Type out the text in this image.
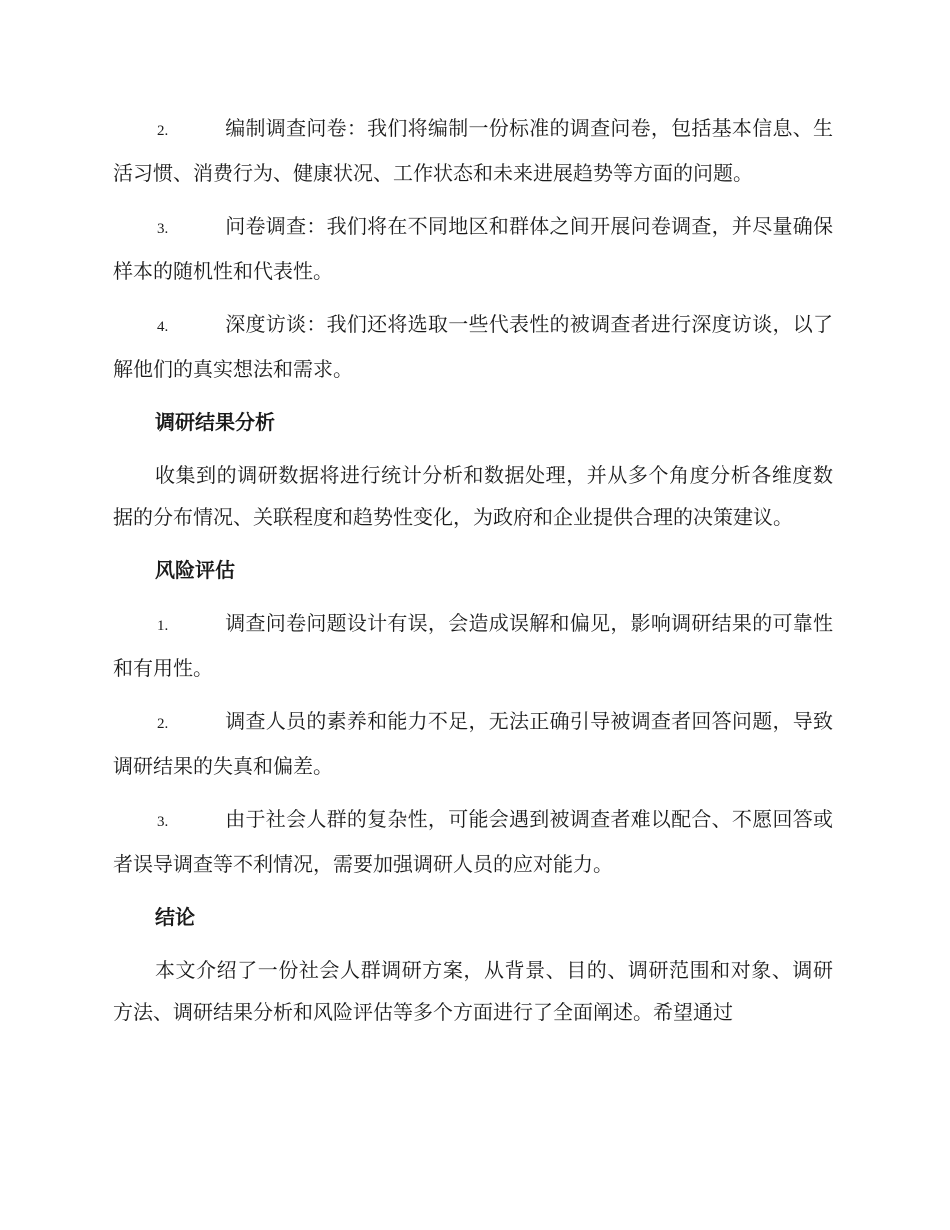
2.	编制调查问卷：我们将编制一份标准的调查问卷，包括基本信息、生活习惯、消费行为、健康状况、工作状态和未来进展趋势等方面的问题。

3.	问卷调查：我们将在不同地区和群体之间开展问卷调查，并尽量确保样本的随机性和代表性。

4.	深度访谈：我们还将选取一些代表性的被调查者进行深度访谈，以了解他们的真实想法和需求。

调研结果分析

收集到的调研数据将进行统计分析和数据处理，并从多个角度分析各维度数据的分布情况、关联程度和趋势性变化，为政府和企业提供合理的决策建议。

风险评估

1.	调查问卷问题设计有误，会造成误解和偏见，影响调研结果的可靠性和有用性。

2.	调查人员的素养和能力不足，无法正确引导被调查者回答问题，导致调研结果的失真和偏差。

3.	由于社会人群的复杂性，可能会遇到被调查者难以配合、不愿回答或者误导调查等不利情况，需要加强调研人员的应对能力。

结论

本文介绍了一份社会人群调研方案，从背景、目的、调研范围和对象、调研方法、调研结果分析和风险评估等多个方面进行了全面阐述。希望通过
